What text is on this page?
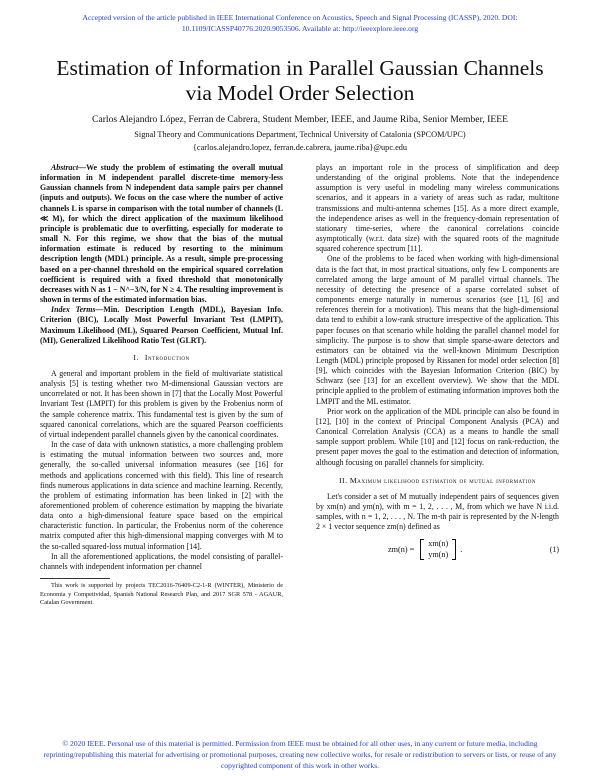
Accepted version of the article published in IEEE International Conference on Acoustics, Speech and Signal Processing (ICASSP), 2020. DOI: 10.1109/ICASSP40776.2020.9053506. Available at: http://ieeexplore.ieee.org
Estimation of Information in Parallel Gaussian Channels via Model Order Selection
Carlos Alejandro López, Ferran de Cabrera, Student Member, IEEE, and Jaume Riba, Senior Member, IEEE
Signal Theory and Communications Department, Technical University of Catalonia (SPCOM/UPC)
{carlos.alejandro.lopez, ferran.de.cabrera, jaume.riba}@upc.edu

Abstract—We study the problem of estimating the overall mutual information in M independent parallel discrete-time memory-less Gaussian channels from N independent data sample pairs per channel (inputs and outputs). We focus on the case where the number of active channels L is sparse in comparison with the total number of channels (L ≪ M), for which the direct application of the maximum likelihood principle is problematic due to overfitting, especially for moderate to small N. For this regime, we show that the bias of the mutual information estimate is reduced by resorting to the minimum description length (MDL) principle. As a result, simple pre-processing based on a per-channel threshold on the empirical squared correlation coefficient is required with a fixed threshold that monotonically decreases with N as 1 − N^−3/N, for N ≥ 4. The resulting improvement is shown in terms of the estimated information bias.

Index Terms—Min. Description Length (MDL), Bayesian Info. Criterion (BIC), Locally Most Powerful Invariant Test (LMPIT), Maximum Likelihood (ML), Squared Pearson Coefficient, Mutual Inf. (MI), Generalized Likelihood Ratio Test (GLRT).

I. Introduction

A general and important problem in the field of multivariate statistical analysis [5] is testing whether two M-dimensional Gaussian vectors are uncorrelated or not. It has been shown in [7] that the Locally Most Powerful Invariant Test (LMPIT) for this problem is given by the Frobenius norm of the sample coherence matrix. This fundamental test is given by the sum of squared canonical correlations, which are the squared Pearson coefficients of virtual independent parallel channels given by the canonical coordinates.

In the case of data with unknown statistics, a more challenging problem is estimating the mutual information between two sources and, more generally, the so-called universal information measures (see [16] for methods and applications concerned with this field). This line of research finds numerous applications in data science and machine learning. Recently, the problem of estimating information has been linked in [2] with the aforementioned problem of coherence estimation by mapping the bivariate data onto a high-dimensional feature space based on the empirical characteristic function. In particular, the Frobenius norm of the coherence matrix computed after this high-dimensional mapping converges with M to the so-called squared-loss mutual information [14].

In all the aforementioned applications, the model consisting of parallel-channels with independent information per channel

This work is supported by projects TEC2016-76409-C2-1-R (WINTER), Ministerio de Economia y Competividad, Spanish National Research Plan, and 2017 SGR 578 - AGAUR, Catalan Government.

plays an important role in the process of simplification and deep understanding of the original problems. Note that the independence assumption is very useful in modeling many wireless communications scenarios, and it appears in a variety of areas such as radar, multitone transmissions and multi-antenna schemes [15]. As a more direct example, the independence arises as well in the frequency-domain representation of stationary time-series, where the canonical correlations coincide asymptotically (w.r.t. data size) with the squared roots of the magnitude squared coherence spectrum [11].

One of the problems to be faced when working with high-dimensional data is the fact that, in most practical situations, only few L components are correlated among the large amount of M parallel virtual channels. The necessity of detecting the presence of a sparse correlated subset of components emerge naturally in numerous scenarios (see [1], [6] and references therein for a motivation). This means that the high-dimensional data tend to exhibit a low-rank structure irrespective of the application. This paper focuses on that scenario while holding the parallel channel model for simplicity. The purpose is to show that simple sparse-aware detectors and estimators can be obtained via the well-known Minimum Description Length (MDL) principle proposed by Rissanen for model order selection [8] [9], which coincides with the Bayesian Information Criterion (BIC) by Schwarz (see [13] for an excellent overview). We show that the MDL principle applied to the problem of estimating information improves both the LMPIT and the ML estimator.

Prior work on the application of the MDL principle can also be found in [12], [10] in the context of Principal Component Analysis (PCA) and Canonical Correlation Analysis (CCA) as a means to handle the small sample support problem. While [10] and [12] focus on rank-reduction, the present paper moves the goal to the estimation and detection of information, although focusing on parallel channels for simplicity.

II. Maximum likelihood estimation of mutual information

Let's consider a set of M mutually independent pairs of sequences given by xm(n) and ym(n), with m = 1, 2, . . . , M, from which we have N i.i.d. samples, with n = 1, 2, . . . , N. The m-th pair is represented by the N-length 2 × 1 vector sequence zm(n) defined as

zm(n) =
xm(n)
ym(n)
.	(1)
© 2020 IEEE. Personal use of this material is permitted. Permission from IEEE must be obtained for all other uses, in any current or future media, including reprinting/republishing this material for advertising or promotional purposes, creating new collective works, for resale or redistribution to servers or lists, or reuse of any copyrighted component of this work in other works.
